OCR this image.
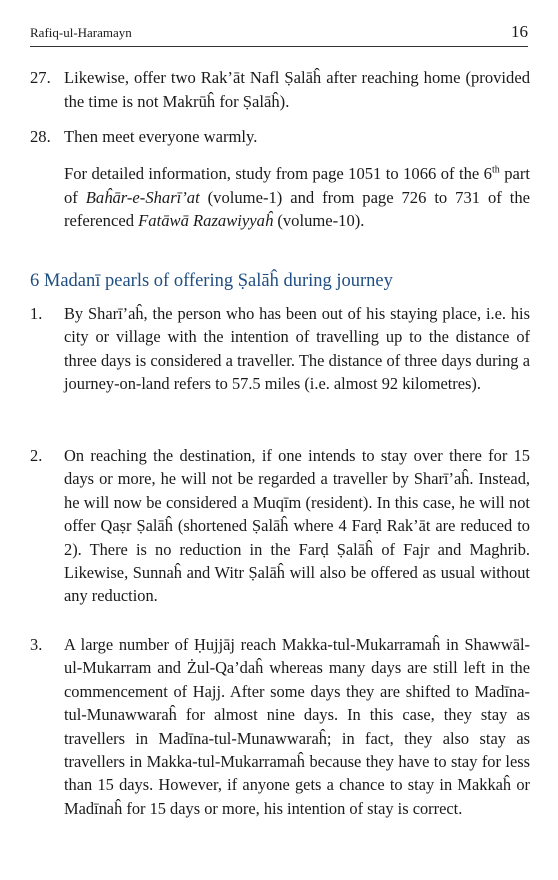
Rafiq-ul-Haramayn	16
27. Likewise, offer two Rak’āt Nafl Ṣalāĥ after reaching home (provided the time is not Makrūĥ for Ṣalāĥ).
28. Then meet everyone warmly.
For detailed information, study from page 1051 to 1066 of the 6th part of Baĥār-e-Sharī’at (volume-1) and from page 726 to 731 of the referenced Fatāwā Razawiyyaĥ (volume-10).
6 Madanī pearls of offering Ṣalāĥ during journey
1. By Sharī’aĥ, the person who has been out of his staying place, i.e. his city or village with the intention of travelling up to the distance of three days is considered a traveller. The distance of three days during a journey-on-land refers to 57.5 miles (i.e. almost 92 kilometres).
2. On reaching the destination, if one intends to stay over there for 15 days or more, he will not be regarded a traveller by Sharī’aĥ. Instead, he will now be considered a Muqīm (resident). In this case, he will not offer Qaṣr Ṣalāĥ (shortened Ṣalāĥ where 4 Farḍ Rak’āt are reduced to 2). There is no reduction in the Farḍ Ṣalāĥ of Fajr and Maghrib. Likewise, Sunnaĥ and Witr Ṣalāĥ will also be offered as usual without any reduction.
3. A large number of Ḥujjāj reach Makka-tul-Mukarramaĥ in Shawwāl-ul-Mukarram and Żul-Qa’daĥ whereas many days are still left in the commencement of Hajj. After some days they are shifted to Madīna-tul-Munawwaraĥ for almost nine days. In this case, they stay as travellers in Madīna-tul-Munawwaraĥ; in fact, they also stay as travellers in Makka-tul-Mukarramaĥ because they have to stay for less than 15 days. However, if anyone gets a chance to stay in Makkaĥ or Madīnaĥ for 15 days or more, his intention of stay is correct.
